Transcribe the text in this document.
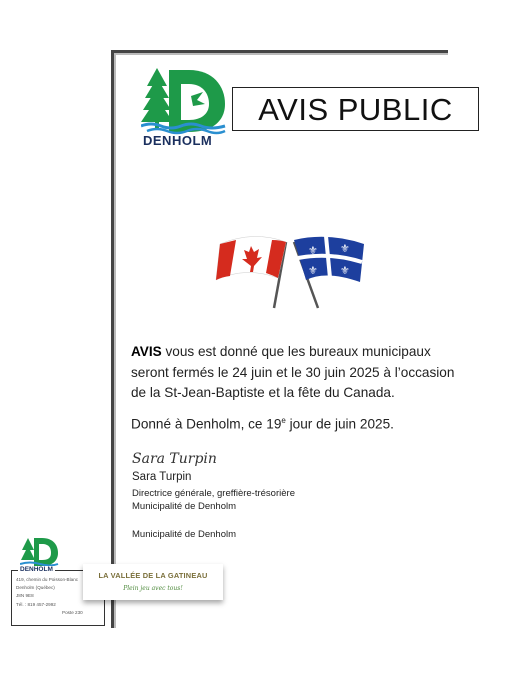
DENHOLM
AVIS PUBLIC
⚜ ⚜
⚜ ⚜
AVIS vous est donné que les bureaux municipaux seront fermés le 24 juin et le 30 juin 2025 à l’occasion de la St-Jean-Baptiste et la fête du Canada.
Donné à Denholm, ce 19e jour de juin 2025.
Sara Turpin
Sara Turpin
Directrice générale, greffière-trésorière
Municipalité de Denholm
Municipalité de Denholm
DENHOLM
419, chemin du Poisson-Blanc
Denholm (Québec)
J8N 9E8
Tél. : 819 457-2992
Poste 230
LA VALLÉE DE LA GATINEAU
Plein jeu avec tous!
